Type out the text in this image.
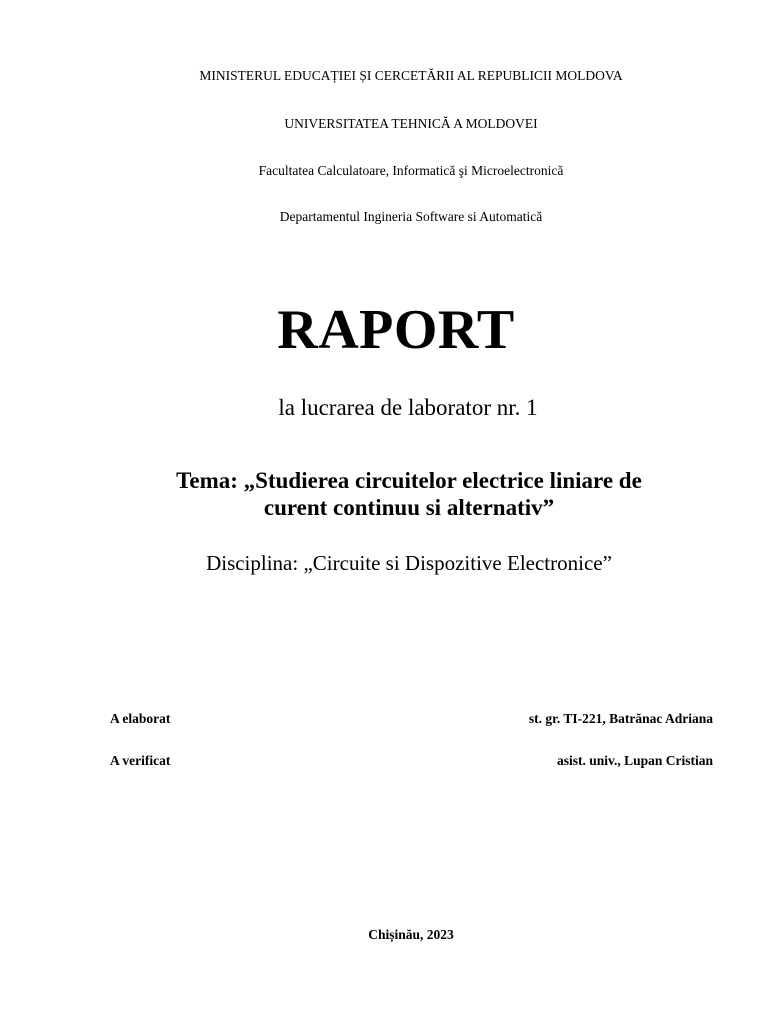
MINISTERUL EDUCAȚIEI ȘI CERCETĂRII AL REPUBLICII MOLDOVA
UNIVERSITATEA TEHNICĂ A MOLDOVEI
Facultatea Calculatoare, Informatică şi Microelectronică
Departamentul Ingineria Software si Automatică
RAPORT
la lucrarea de laborator nr. 1
Tema: „Studierea circuitelor electrice liniare de
curent continuu si alternativ”
Disciplina: „Circuite si Dispozitive Electronice”
A elaborat	st. gr. TI-221, Batrănac Adriana
A verificat	asist. univ., Lupan Cristian
Chișinău, 2023
